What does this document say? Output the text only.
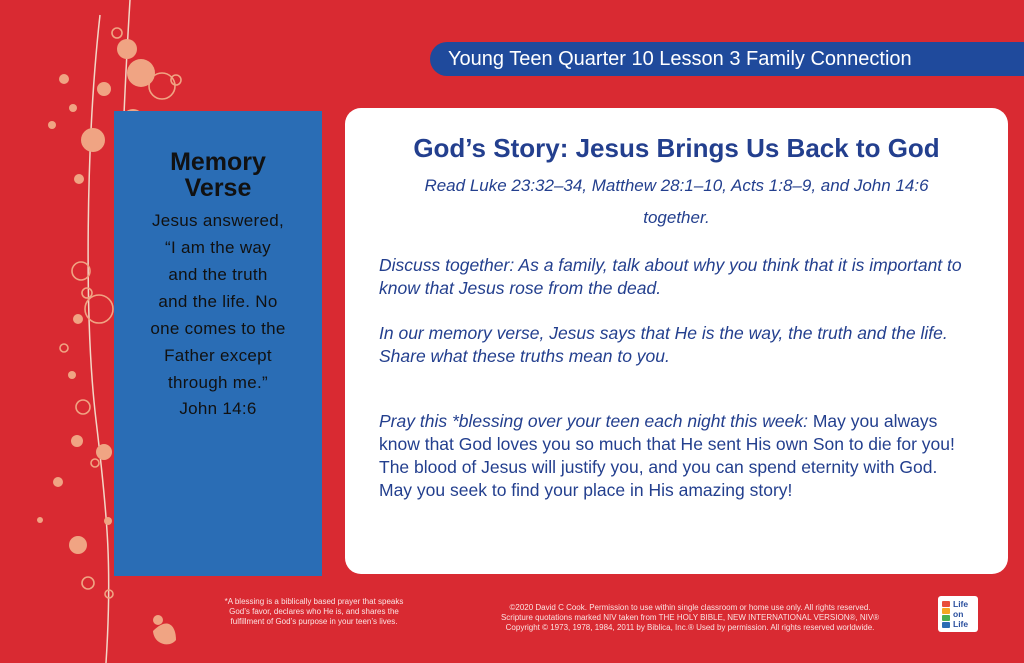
Young Teen Quarter 10 Lesson 3 Family Connection
Memory
Verse
Jesus answered,
“I am the way
and the truth
and the life. No
one comes to the
Father except
through me.”
John 14:6
God’s Story: Jesus Brings Us Back to God
Read Luke 23:32–34, Matthew 28:1–10, Acts 1:8–9, and John 14:6
together.
Discuss together: As a family, talk about why you think that it is important to know that Jesus rose from the dead.
In our memory verse, Jesus says that He is the way, the truth and the life. Share what these truths mean to you.
Pray this *blessing over your teen each night this week: May you always know that God loves you so much that He sent His own Son to die for you! The blood of Jesus will justify you, and you can spend eternity with God. May you seek to find your place in His amazing story!
*A blessing is a biblically based prayer that speaks
God’s favor, declares who He is, and shares the
fulfillment of God’s purpose in your teen’s lives.
©2020 David C Cook. Permission to use within single classroom or home use only. All rights reserved.
Scripture quotations marked NIV taken from THE HOLY BIBLE, NEW INTERNATIONAL VERSION®, NIV®
Copyright © 1973, 1978, 1984, 2011 by Biblica, Inc.® Used by permission. All rights reserved worldwide.
Life
on
Life
